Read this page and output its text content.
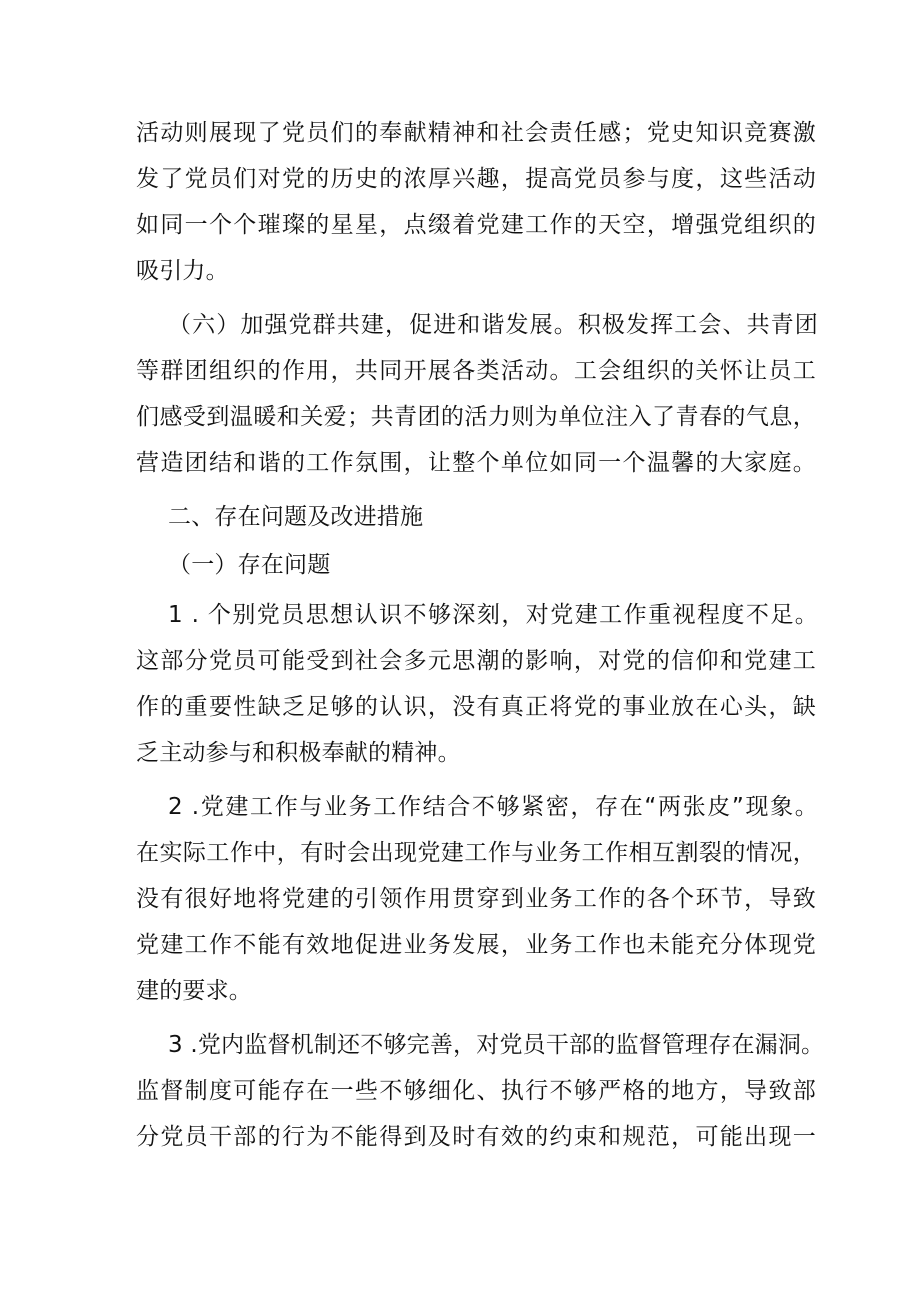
活动则展现了党员们的奉献精神和社会责任感；党史知识竞赛激
发了党员们对党的历史的浓厚兴趣，提高党员参与度，这些活动
如同一个个璀璨的星星，点缀着党建工作的天空，增强党组织的
吸引力。
（六）加强党群共建，促进和谐发展。积极发挥工会、共青团
等群团组织的作用，共同开展各类活动。工会组织的关怀让员工
们感受到温暖和关爱；共青团的活力则为单位注入了青春的气息，
营造团结和谐的工作氛围，让整个单位如同一个温馨的大家庭。
二、存在问题及改进措施
（一）存在问题
1 . 个别党员思想认识不够深刻，对党建工作重视程度不足。
这部分党员可能受到社会多元思潮的影响，对党的信仰和党建工
作的重要性缺乏足够的认识，没有真正将党的事业放在心头，缺
乏主动参与和积极奉献的精神。
2 .党建工作与业务工作结合不够紧密，存在“两张皮”现象。
在实际工作中，有时会出现党建工作与业务工作相互割裂的情况，
没有很好地将党建的引领作用贯穿到业务工作的各个环节，导致
党建工作不能有效地促进业务发展，业务工作也未能充分体现党
建的要求。
3 .党内监督机制还不够完善，对党员干部的监督管理存在漏洞。
监督制度可能存在一些不够细化、执行不够严格的地方，导致部
分党员干部的行为不能得到及时有效的约束和规范，可能出现一
